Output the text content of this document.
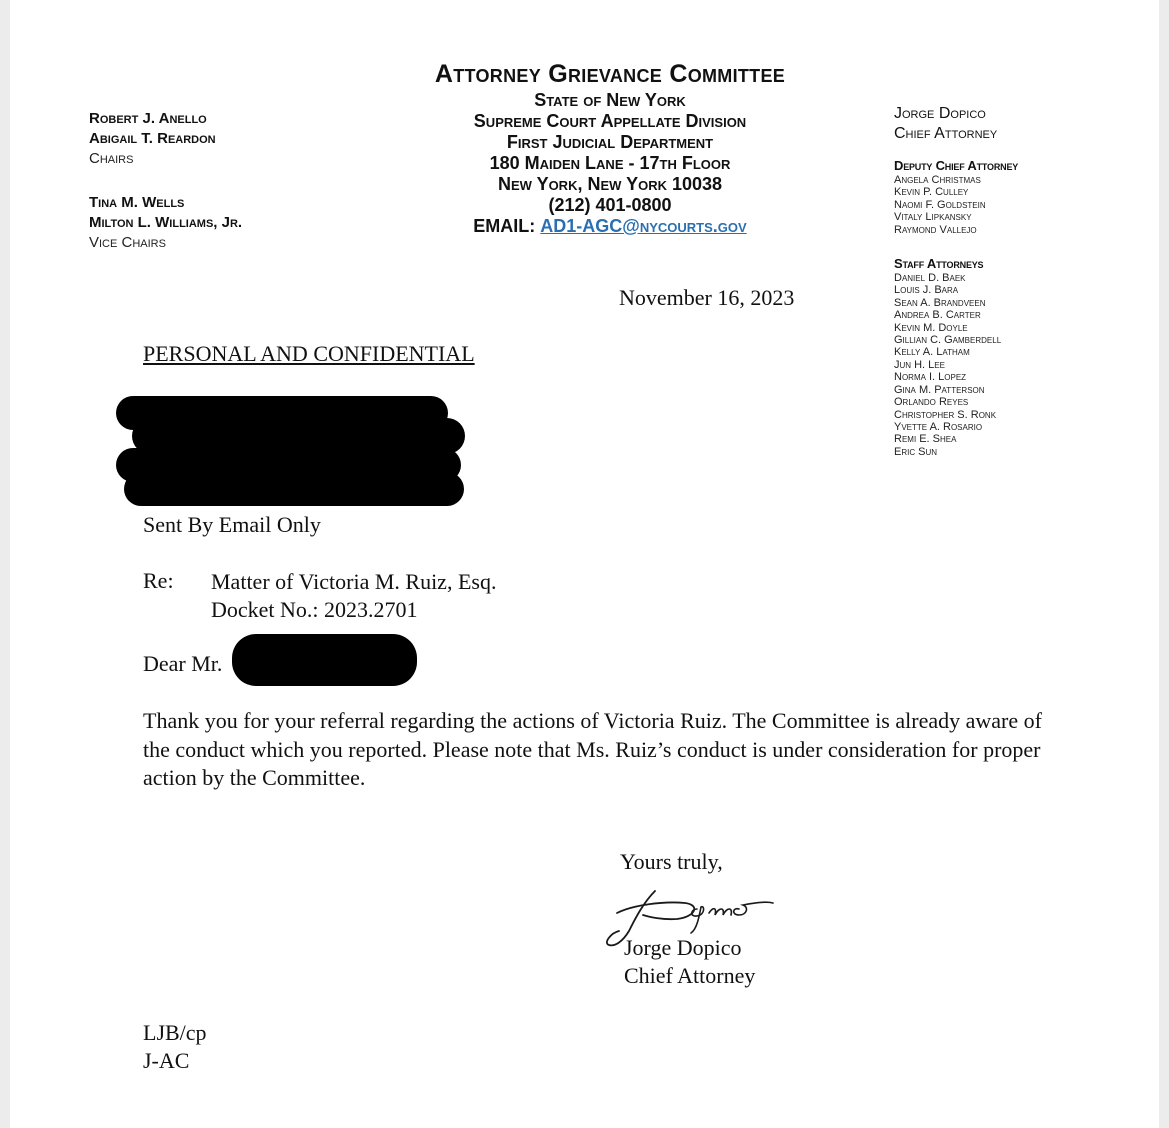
Attorney Grievance Committee
State of New York
Supreme Court Appellate Division
First Judicial Department
180 Maiden Lane - 17th Floor
New York, New York 10038
(212) 401-0800
EMAIL: AD1-AGC@nycourts.gov
Robert J. Anello
Abigail T. Reardon
Chairs
Tina M. Wells
Milton L. Williams, Jr.
Vice Chairs
Jorge Dopico
Chief Attorney
Deputy Chief Attorney
Angela Christmas
Kevin P. Culley
Naomi F. Goldstein
Vitaly Lipkansky
Raymond Vallejo
Staff Attorneys
Daniel D. Baek
Louis J. Bara
Sean A. Brandveen
Andrea B. Carter
Kevin M. Doyle
Gillian C. Gamberdell
Kelly A. Latham
Jun H. Lee
Norma I. Lopez
Gina M. Patterson
Orlando Reyes
Christopher S. Ronk
Yvette A. Rosario
Remi E. Shea
Eric Sun
November 16, 2023
PERSONAL AND CONFIDENTIAL
Sent By Email Only
Re: Matter of Victoria M. Ruiz, Esq.
Docket No.: 2023.2701
Dear Mr.
Thank you for your referral regarding the actions of Victoria Ruiz. The Committee is already aware of the conduct which you reported. Please note that Ms. Ruiz’s conduct is under consideration for proper action by the Committee.
Yours truly,
Jorge Dopico
Chief Attorney
LJB/cp
J-AC
